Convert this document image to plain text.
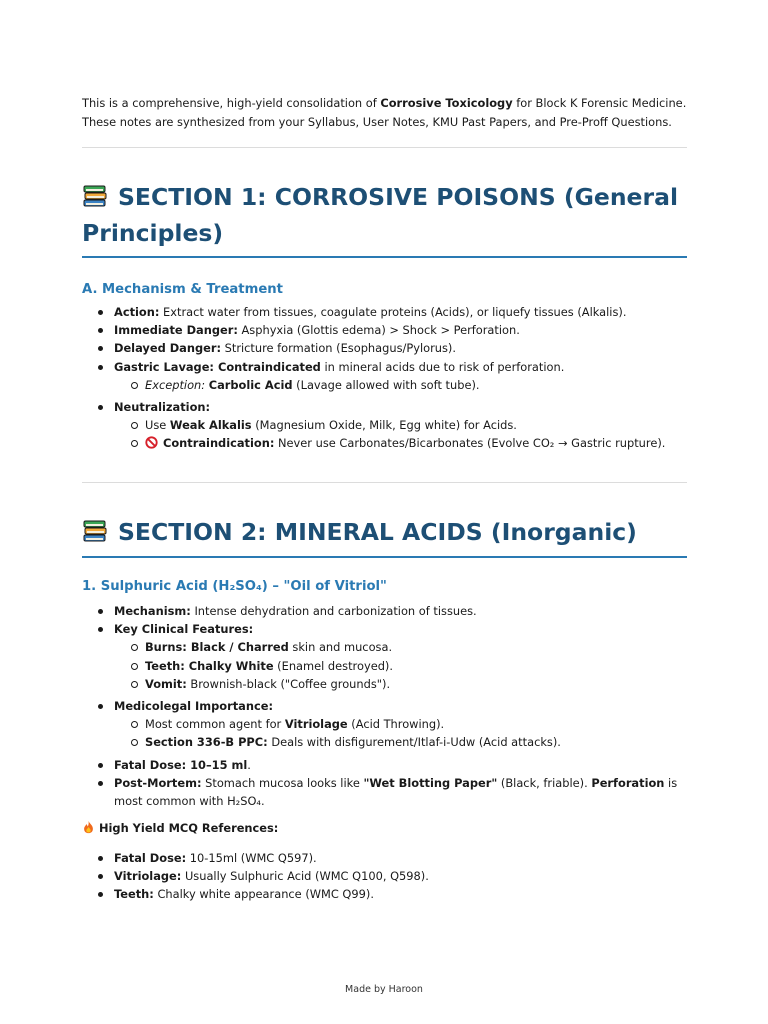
This is a comprehensive, high-yield consolidation of Corrosive Toxicology for Block K Forensic Medicine.
These notes are synthesized from your Syllabus, User Notes, KMU Past Papers, and Pre-Proff Questions.

SECTION 1: CORROSIVE POISONS (General
Principles)
A. Mechanism & Treatment
Action: Extract water from tissues, coagulate proteins (Acids), or liquefy tissues (Alkalis).
Immediate Danger: Asphyxia (Glottis edema) > Shock > Perforation.
Delayed Danger: Stricture formation (Esophagus/Pylorus).
Gastric Lavage: Contraindicated in mineral acids due to risk of perforation.
Exception: Carbolic Acid (Lavage allowed with soft tube).
Neutralization:
Use Weak Alkalis (Magnesium Oxide, Milk, Egg white) for Acids.
Contraindication: Never use Carbonates/Bicarbonates (Evolve CO₂ → Gastric rupture).
SECTION 2: MINERAL ACIDS (Inorganic)
1. Sulphuric Acid (H₂SO₄) – "Oil of Vitriol"
Mechanism: Intense dehydration and carbonization of tissues.
Key Clinical Features:
Burns: Black / Charred skin and mucosa.
Teeth: Chalky White (Enamel destroyed).
Vomit: Brownish-black ("Coffee grounds").
Medicolegal Importance:
Most common agent for Vitriolage (Acid Throwing).
Section 336-B PPC: Deals with disfigurement/Itlaf-i-Udw (Acid attacks).
Fatal Dose: 10–15 ml.
Post-Mortem: Stomach mucosa looks like "Wet Blotting Paper" (Black, friable). Perforation is
most common with H₂SO₄.
High Yield MCQ References:
Fatal Dose: 10-15ml (WMC Q597).
Vitriolage: Usually Sulphuric Acid (WMC Q100, Q598).
Teeth: Chalky white appearance (WMC Q99).
Made by Haroon
